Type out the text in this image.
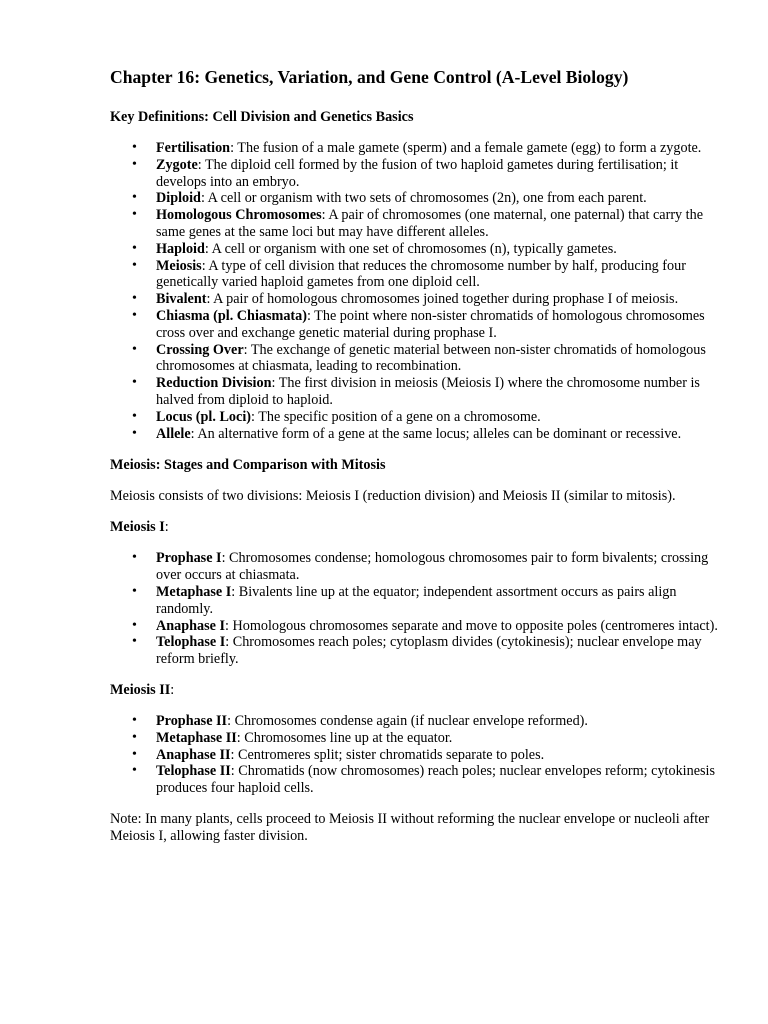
Chapter 16: Genetics, Variation, and Gene Control (A-Level Biology)
Key Definitions: Cell Division and Genetics Basics
• Fertilisation: The fusion of a male gamete (sperm) and a female gamete (egg) to form a zygote.
• Zygote: The diploid cell formed by the fusion of two haploid gametes during fertilisation; it develops into an embryo.
• Diploid: A cell or organism with two sets of chromosomes (2n), one from each parent.
• Homologous Chromosomes: A pair of chromosomes (one maternal, one paternal) that carry the same genes at the same loci but may have different alleles.
• Haploid: A cell or organism with one set of chromosomes (n), typically gametes.
• Meiosis: A type of cell division that reduces the chromosome number by half, producing four genetically varied haploid gametes from one diploid cell.
• Bivalent: A pair of homologous chromosomes joined together during prophase I of meiosis.
• Chiasma (pl. Chiasmata): The point where non-sister chromatids of homologous chromosomes cross over and exchange genetic material during prophase I.
• Crossing Over: The exchange of genetic material between non-sister chromatids of homologous chromosomes at chiasmata, leading to recombination.
• Reduction Division: The first division in meiosis (Meiosis I) where the chromosome number is halved from diploid to haploid.
• Locus (pl. Loci): The specific position of a gene on a chromosome.
• Allele: An alternative form of a gene at the same locus; alleles can be dominant or recessive.
Meiosis: Stages and Comparison with Mitosis

Meiosis consists of two divisions: Meiosis I (reduction division) and Meiosis II (similar to mitosis).

Meiosis I:

• Prophase I: Chromosomes condense; homologous chromosomes pair to form bivalents; crossing over occurs at chiasmata.
• Metaphase I: Bivalents line up at the equator; independent assortment occurs as pairs align randomly.
• Anaphase I: Homologous chromosomes separate and move to opposite poles (centromeres intact).
• Telophase I: Chromosomes reach poles; cytoplasm divides (cytokinesis); nuclear envelope may reform briefly.

Meiosis II:

• Prophase II: Chromosomes condense again (if nuclear envelope reformed).
• Metaphase II: Chromosomes line up at the equator.
• Anaphase II: Centromeres split; sister chromatids separate to poles.
• Telophase II: Chromatids (now chromosomes) reach poles; nuclear envelopes reform; cytokinesis produces four haploid cells.

Note: In many plants, cells proceed to Meiosis II without reforming the nuclear envelope or nucleoli after Meiosis I, allowing faster division.
